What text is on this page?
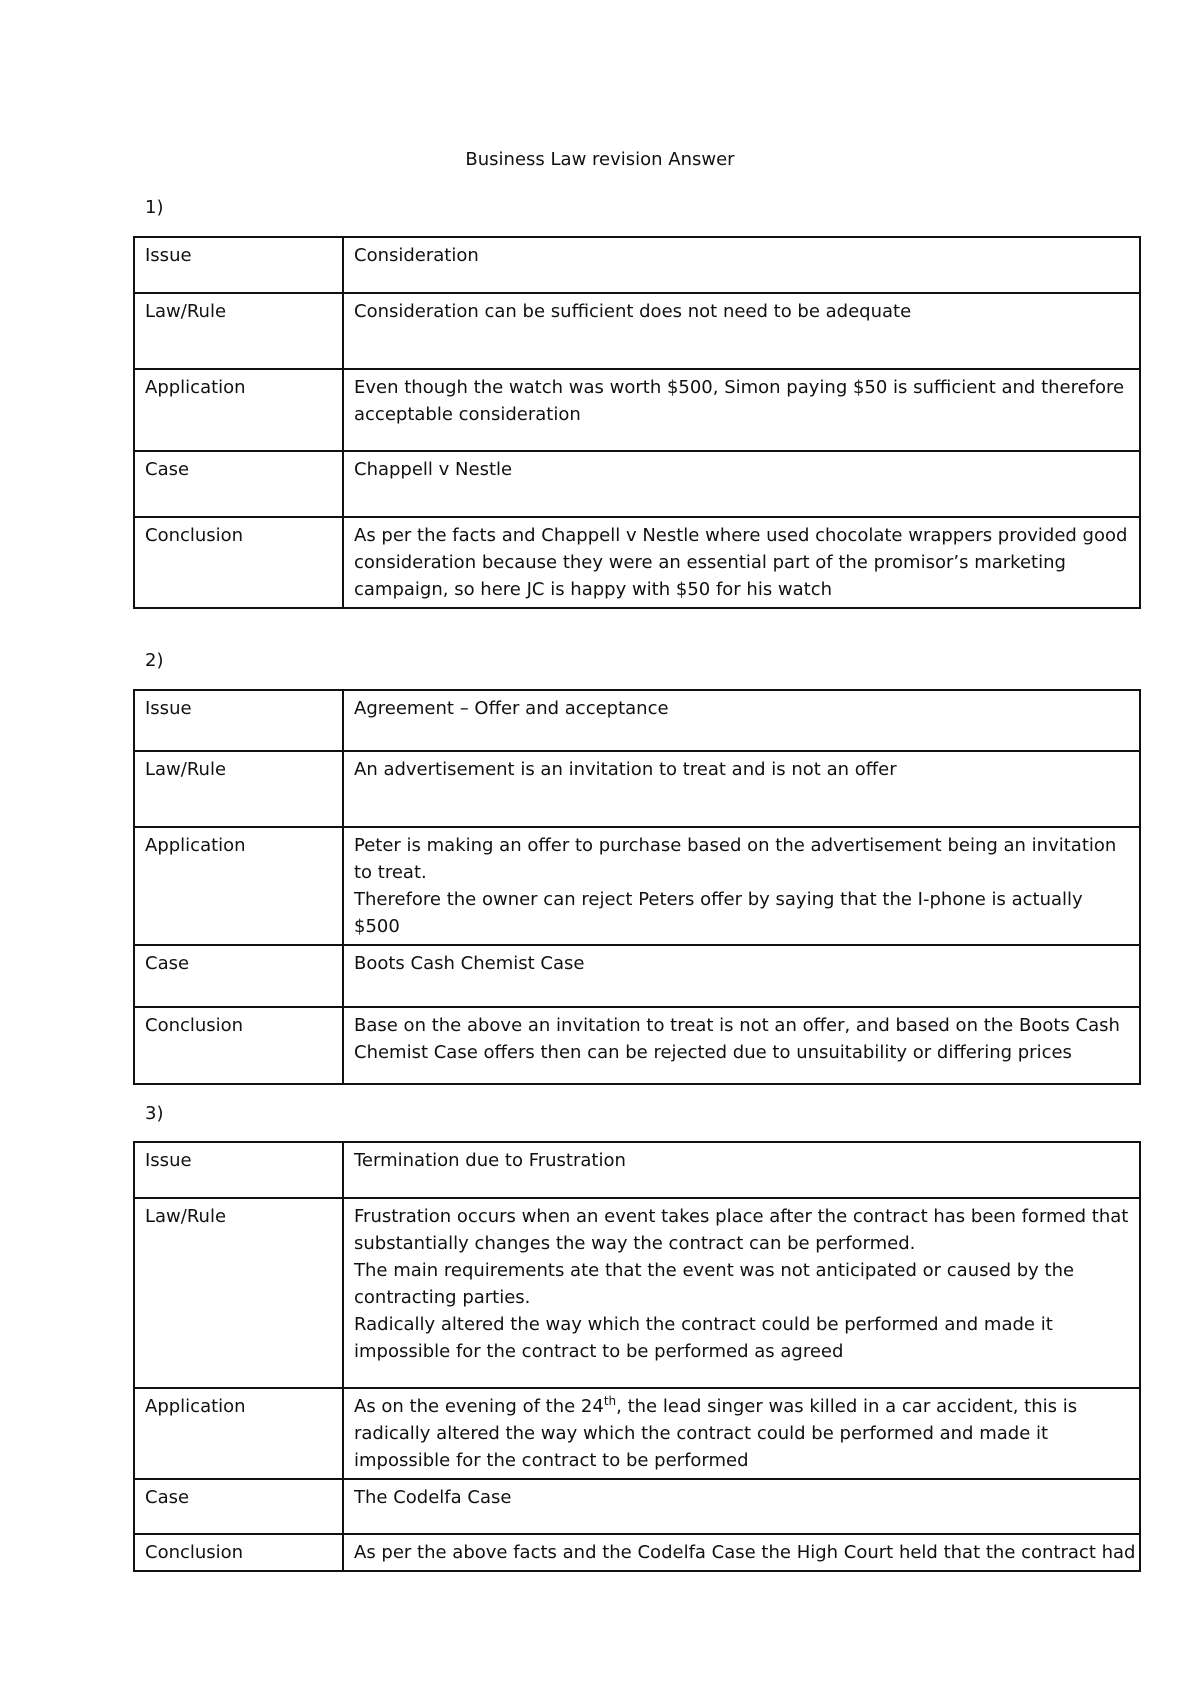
Business Law revision Answer
1)
Issue	Consideration
Law/Rule	Consideration can be sufficient does not need to be adequate
Application	Even though the watch was worth $500, Simon paying $50 is sufficient and therefore acceptable consideration
Case	Chappell v Nestle
Conclusion	As per the facts and Chappell v Nestle where used chocolate wrappers provided good consideration because they were an essential part of the promisor’s marketing campaign, so here JC is happy with $50 for his watch
2)
Issue	Agreement – Offer and acceptance
Law/Rule	An advertisement is an invitation to treat and is not an offer
Application	Peter is making an offer to purchase based on the advertisement being an invitation to treat.
Therefore the owner can reject Peters offer by saying that the I-phone is actually $500
Case	Boots Cash Chemist Case
Conclusion	Base on the above an invitation to treat is not an offer, and based on the Boots Cash Chemist Case offers then can be rejected due to unsuitability or differing prices
3)
Issue	Termination due to Frustration
Law/Rule	Frustration occurs when an event takes place after the contract has been formed that substantially changes the way the contract can be performed.
The main requirements ate that the event was not anticipated or caused by the contracting parties.
Radically altered the way which the contract could be performed and made it impossible for the contract to be performed as agreed
Application	As on the evening of the 24th, the lead singer was killed in a car accident, this is radically altered the way which the contract could be performed and made it impossible for the contract to be performed
Case	The Codelfa Case
Conclusion	As per the above facts and the Codelfa Case the High Court held that the contract had
